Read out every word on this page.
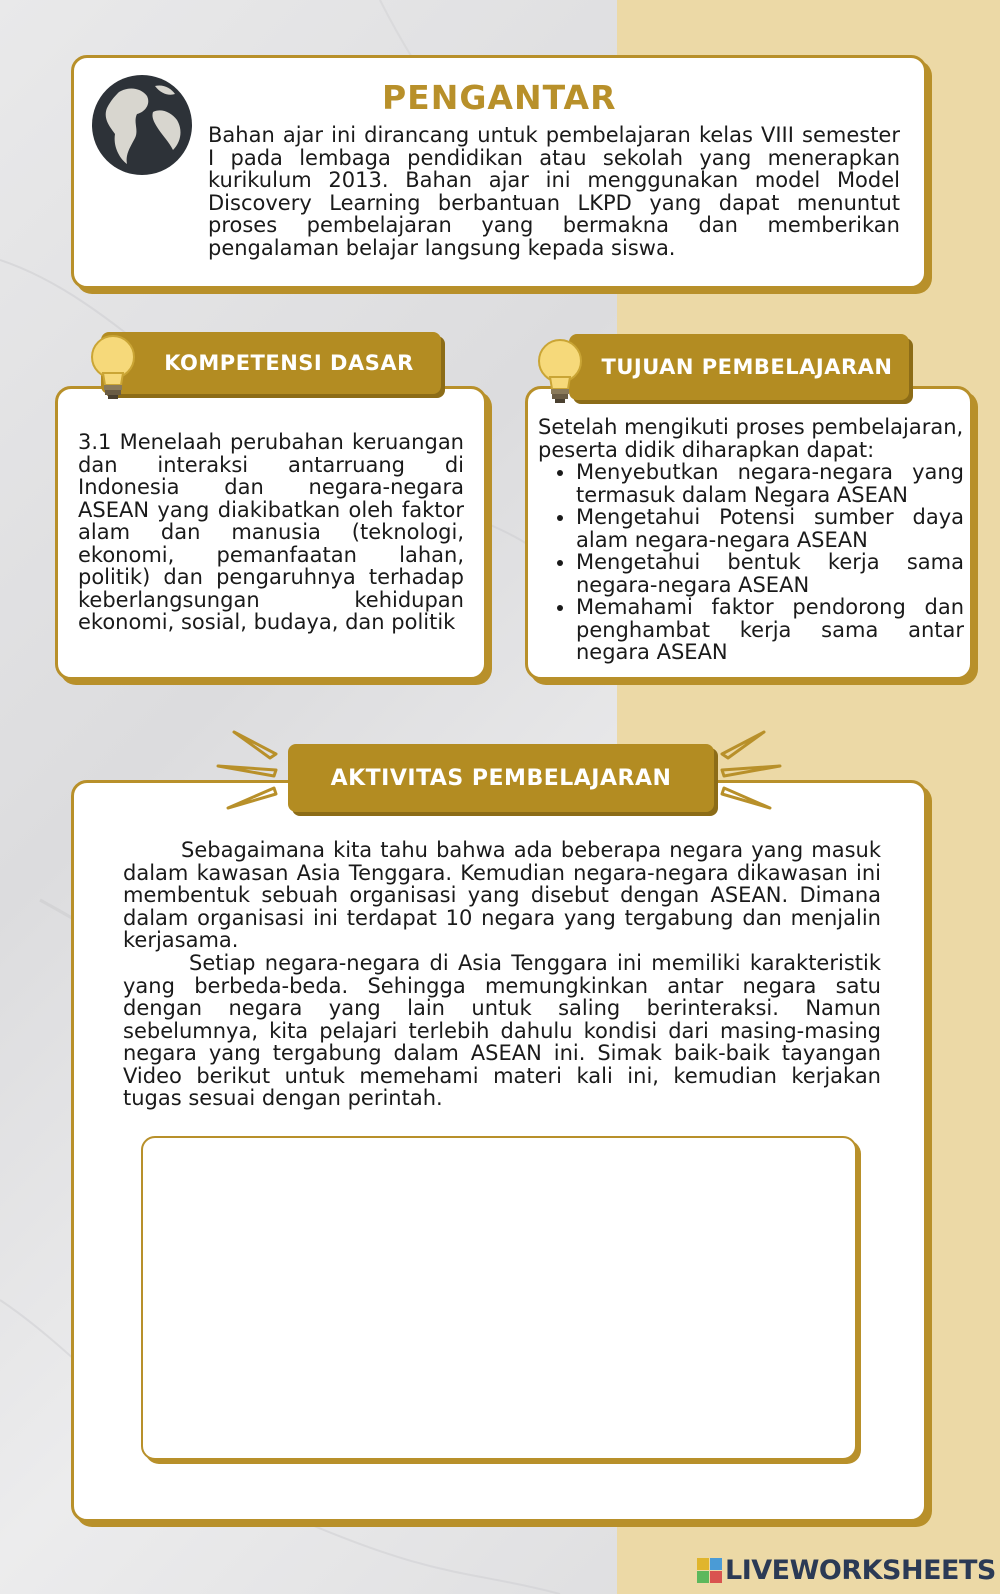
PENGANTAR
Bahan ajar ini dirancang untuk pembelajaran kelas VIII semester I pada lembaga pendidikan atau sekolah yang menerapkan kurikulum 2013. Bahan ajar ini menggunakan model Model Discovery Learning berbantuan LKPD yang dapat menuntut proses pembelajaran yang bermakna dan memberikan pengalaman belajar langsung kepada siswa.
KOMPETENSI DASAR
3.1 Menelaah perubahan keruangan dan interaksi antarruang di Indonesia dan negara-negara ASEAN yang diakibatkan oleh faktor alam dan manusia (teknologi, ekonomi, pemanfaatan lahan, politik) dan pengaruhnya terhadap keberlangsungan kehidupan ekonomi, sosial, budaya, dan politik
TUJUAN PEMBELAJARAN
Setelah mengikuti proses pembelajaran, peserta didik diharapkan dapat:
• Menyebutkan negara-negara yang termasuk dalam Negara ASEAN
• Mengetahui Potensi sumber daya alam negara-negara ASEAN
• Mengetahui bentuk kerja sama negara-negara ASEAN
• Memahami faktor pendorong dan penghambat kerja sama antar negara ASEAN
AKTIVITAS PEMBELAJARAN
Sebagaimana kita tahu bahwa ada beberapa negara yang masuk dalam kawasan Asia Tenggara. Kemudian negara-negara dikawasan ini membentuk sebuah organisasi yang disebut dengan ASEAN. Dimana dalam organisasi ini terdapat 10 negara yang tergabung dan menjalin kerjasama.
Setiap negara-negara di Asia Tenggara ini memiliki karakteristik yang berbeda-beda. Sehingga memungkinkan antar negara satu dengan negara yang lain untuk saling berinteraksi. Namun sebelumnya, kita pelajari terlebih dahulu kondisi dari masing-masing negara yang tergabung dalam ASEAN ini. Simak baik-baik tayangan Video berikut untuk memehami materi kali ini, kemudian kerjakan tugas sesuai dengan perintah.
LIVEWORKSHEETS
